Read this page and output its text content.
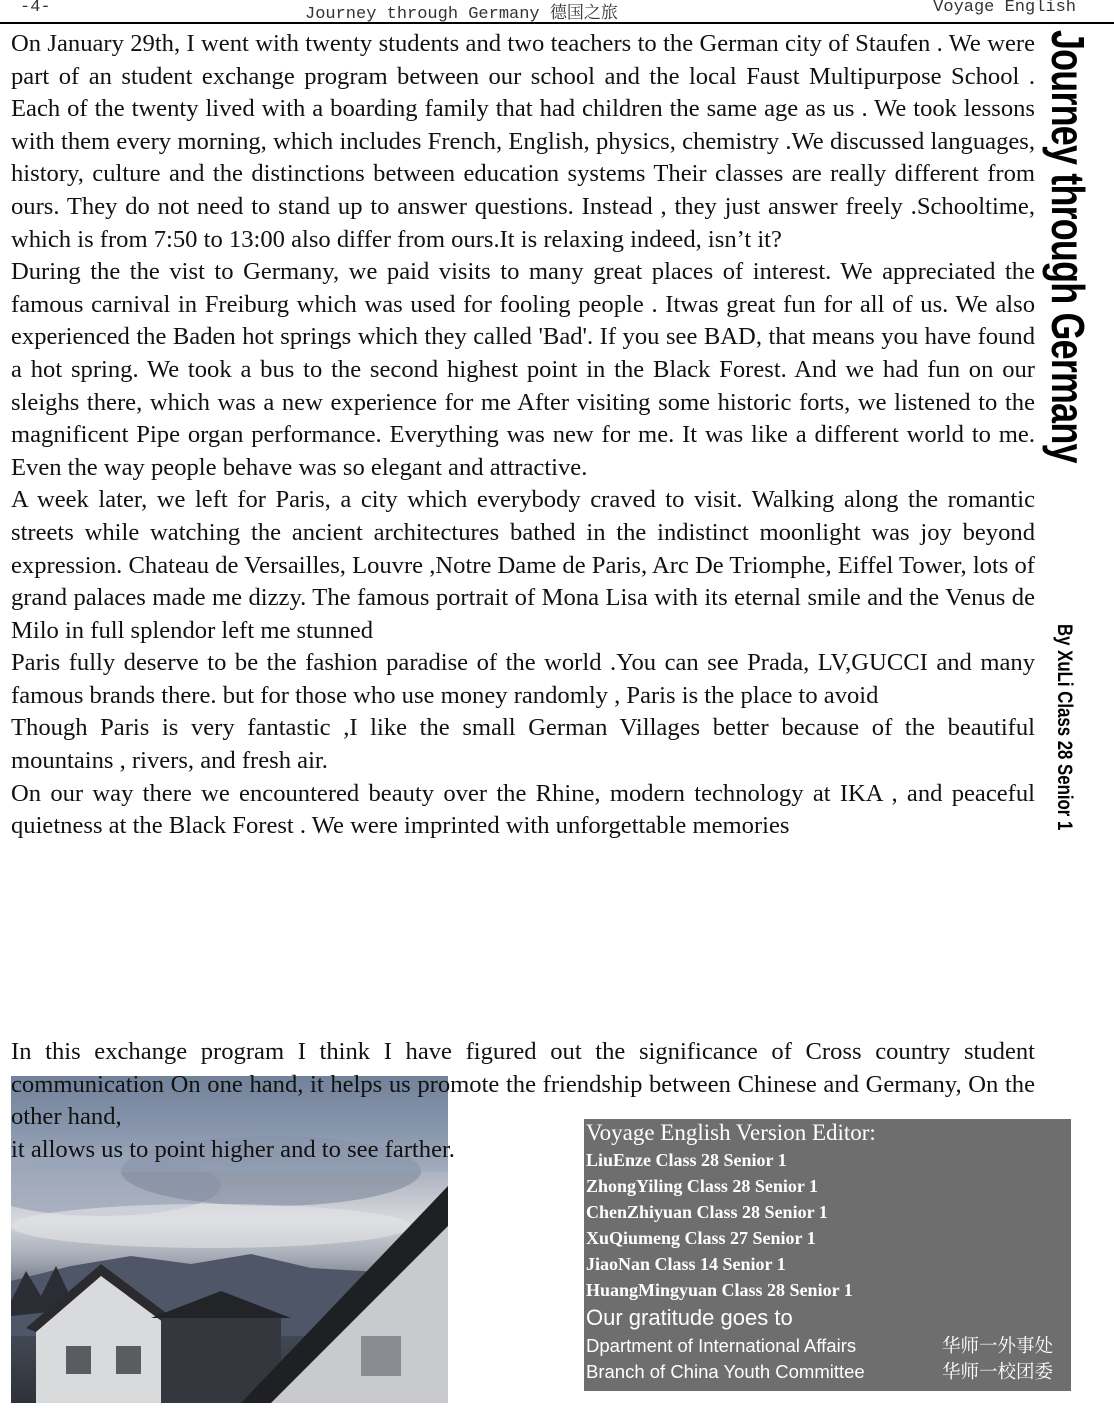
-4-	Journey through Germany 德国之旅	Voyage English

On January 29th, I went with twenty students and two teachers to the German city of Staufen . We were part of an student exchange program between our school and the local Faust Multipurpose School . Each of the twenty lived with a boarding family that had children the same age as us . We took lessons with them every morning, which includes French, English, physics, chemistry .We discussed languages, history, culture and the distinctions between education systems Their classes are really different from ours. They do not need to stand up to answer questions. Instead , they just answer freely .Schooltime, which is from 7:50 to 13:00 also differ from ours.It is relaxing indeed, isn’t it?

During the the vist to Germany, we paid visits to many great places of interest. We appreciated the famous carnival in Freiburg which was used for fooling people . Itwas great fun for all of us. We also experienced the Baden hot springs which they called 'Bad'. If you see BAD, that means you have found a hot spring. We took a bus to the second highest point in the Black Forest. And we had fun on our sleighs there, which was a new experience for me After visiting some historic forts, we listened to the magnificent Pipe organ performance. Everything was new for me. It was like a different world to me. Even the way people behave was so elegant and attractive.

A week later, we left for Paris, a city which everybody craved to visit. Walking along the romantic streets while watching the ancient architectures bathed in the indistinct moonlight was joy beyond expression. Chateau de Versailles, Louvre ,Notre Dame de Paris, Arc De Triomphe, Eiffel Tower, lots of grand palaces made me dizzy. The famous portrait of Mona Lisa with its eternal smile and the Venus de Milo in full splendor left me stunned

Paris fully deserve to be the fashion paradise of the world .You can see Prada, LV,GUCCI and many famous brands there. but for those who use money randomly , Paris is the place to avoid

Though Paris is very fantastic ,I like the small German Villages better because of the beautiful mountains , rivers, and fresh air.

On our way there we encountered beauty over the Rhine, modern technology at IKA , and peaceful quietness at the Black Forest . We were imprinted with unforgettable memories

Journey through Germany
By XuLi Class 28 Senior 1

In this exchange program I think I have figured out the significance of Cross country student communication On one hand, it helps us promote the friendship between Chinese and Germany, On the other hand,

it allows us to point higher and to see farther.

Voyage English Version Editor:
LiuEnze Class 28 Senior 1
ZhongYiling Class 28 Senior 1
ChenZhiyuan Class 28 Senior 1
XuQiumeng Class 27 Senior 1
JiaoNan Class 14 Senior 1
HuangMingyuan Class 28 Senior 1
Our gratitude goes to
Dpartment of International Affairs	华师一外事处
Branch of China Youth Committee	华师一校团委
